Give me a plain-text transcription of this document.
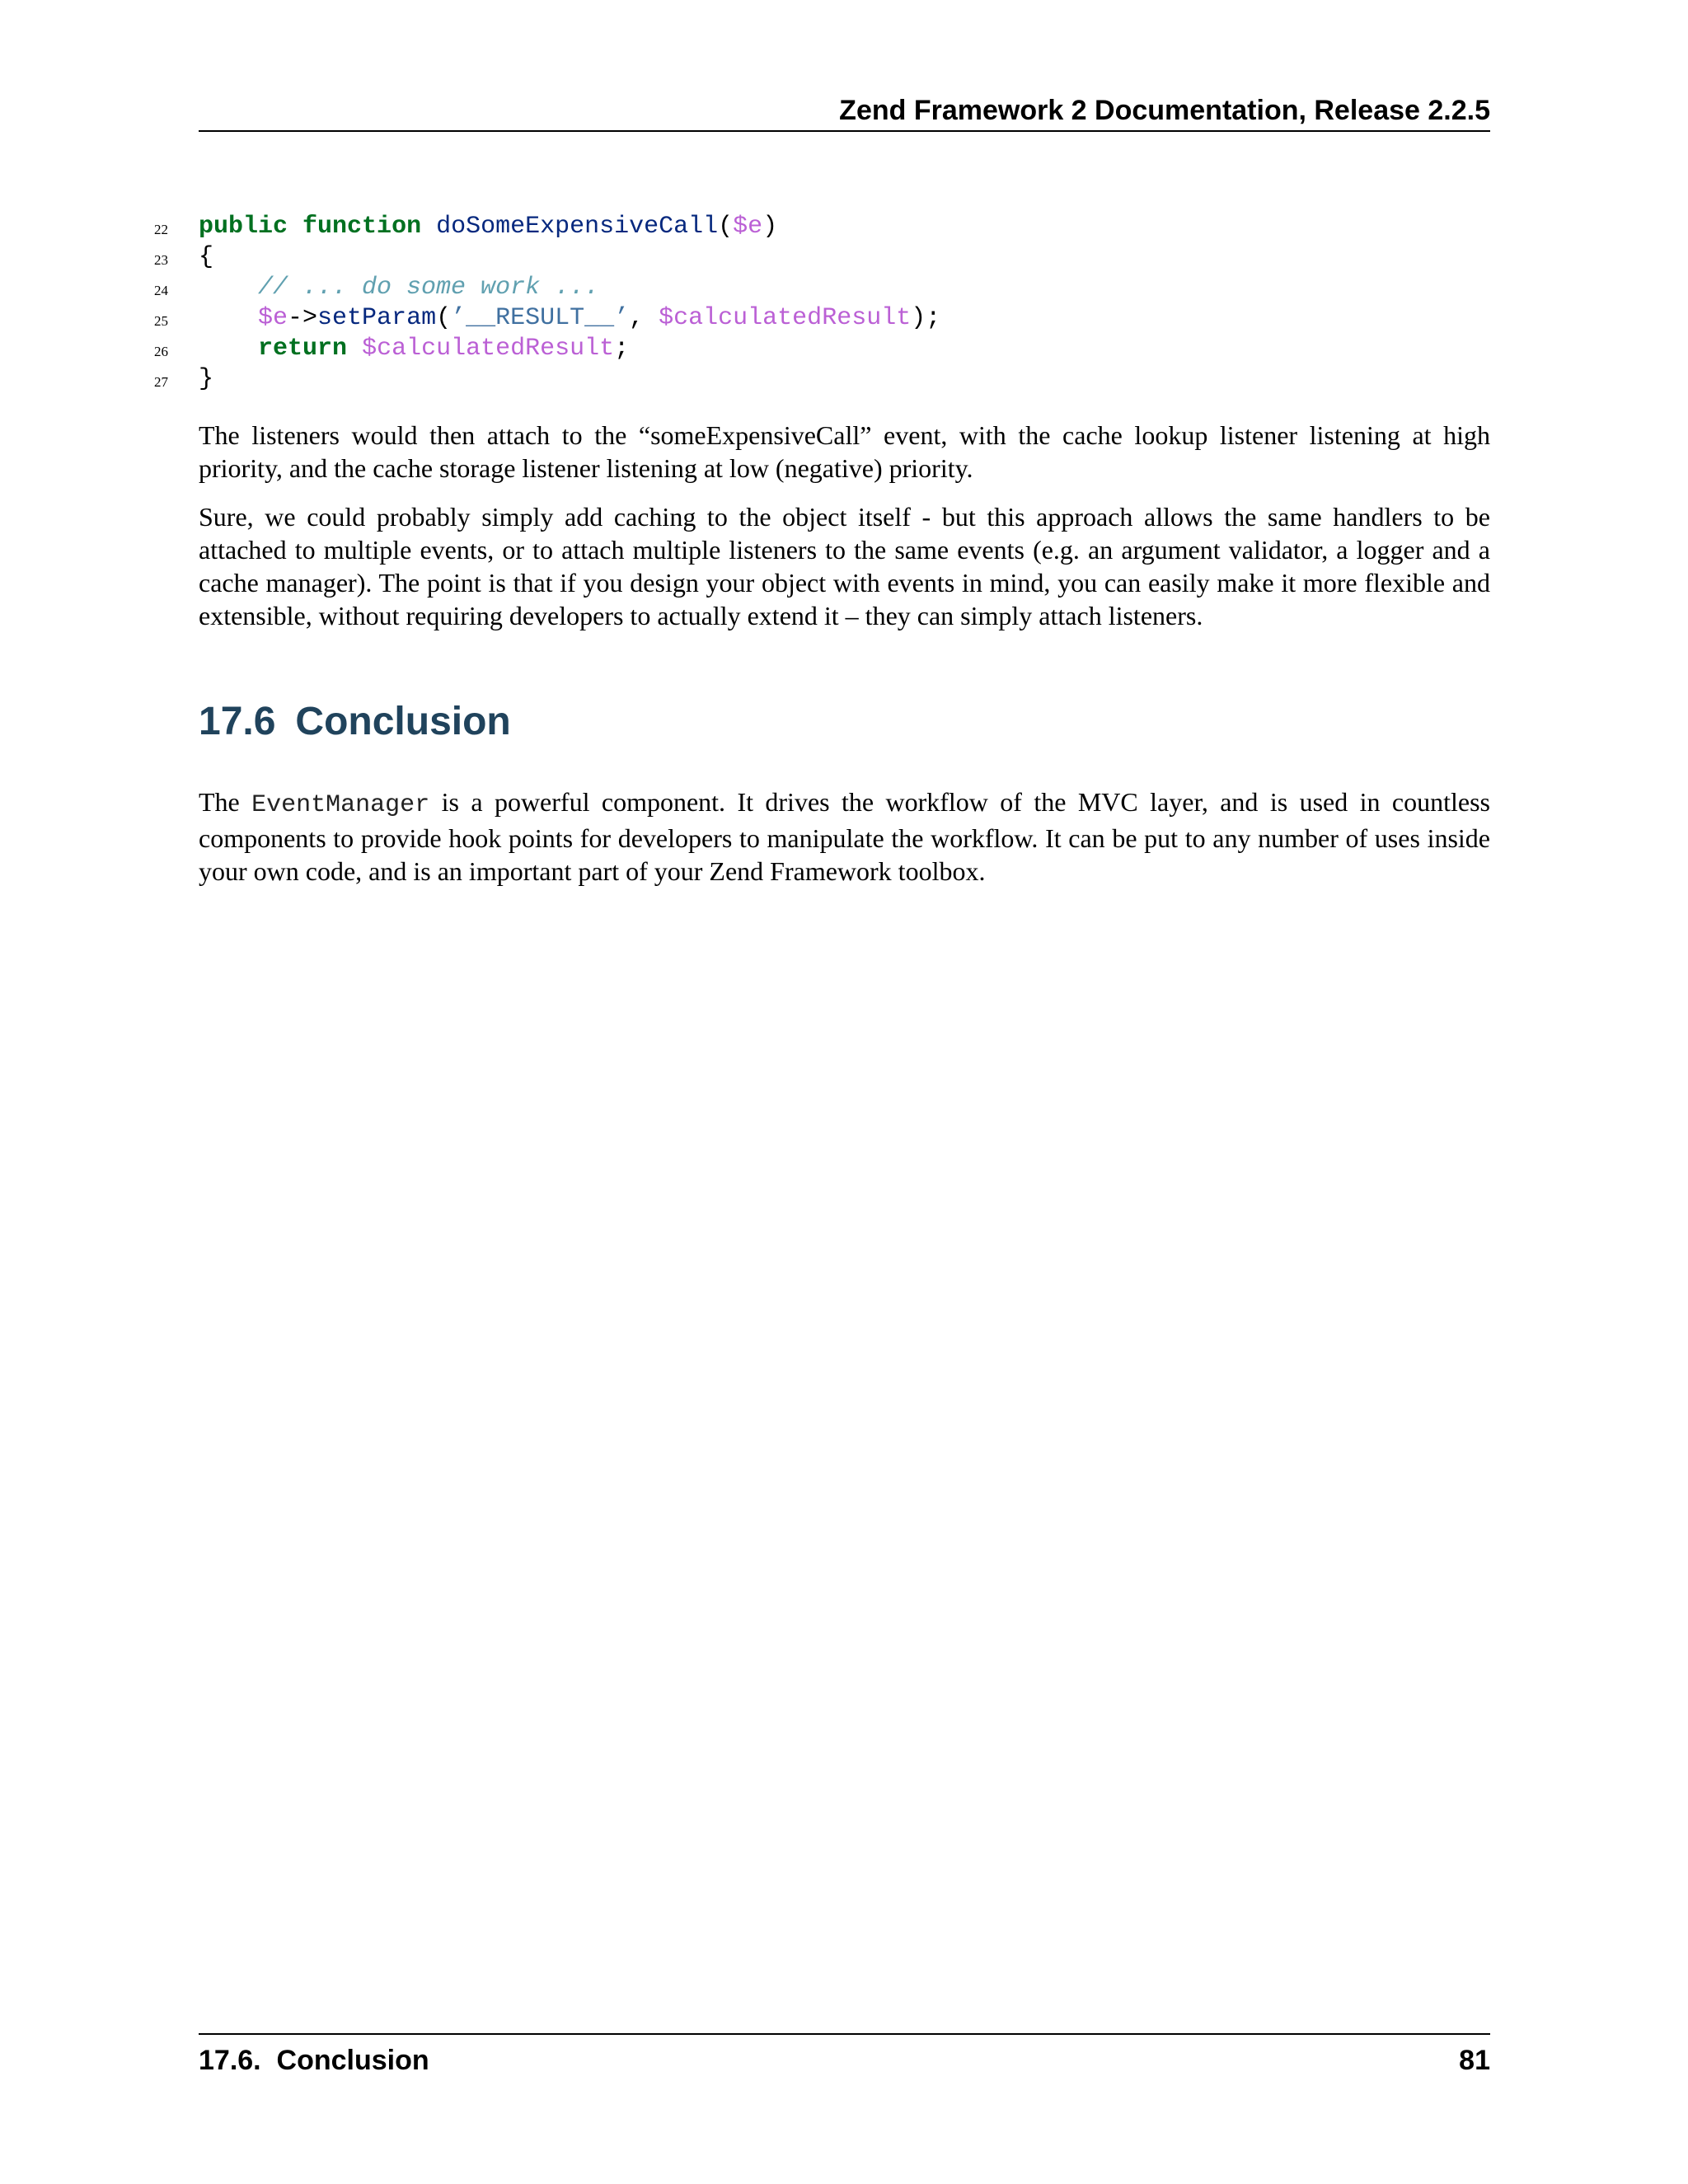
Zend Framework 2 Documentation, Release 2.2.5
22 public function doSomeExpensiveCall($e)
23 {
24	// ... do some work ...
25	$e->setParam(’__RESULT__’, $calculatedResult);
26	return $calculatedResult;
27 }

The listeners would then attach to the “someExpensiveCall” event, with the cache lookup listener listening at high priority, and the cache storage listener listening at low (negative) priority.

Sure, we could probably simply add caching to the object itself - but this approach allows the same handlers to be attached to multiple events, or to attach multiple listeners to the same events (e.g. an argument validator, a logger and a cache manager). The point is that if you design your object with events in mind, you can easily make it more flexible and extensible, without requiring developers to actually extend it – they can simply attach listeners.

17.6 Conclusion

The EventManager is a powerful component. It drives the workflow of the MVC layer, and is used in countless components to provide hook points for developers to manipulate the workflow. It can be put to any number of uses inside your own code, and is an important part of your Zend Framework toolbox.

17.6.  Conclusion	81
